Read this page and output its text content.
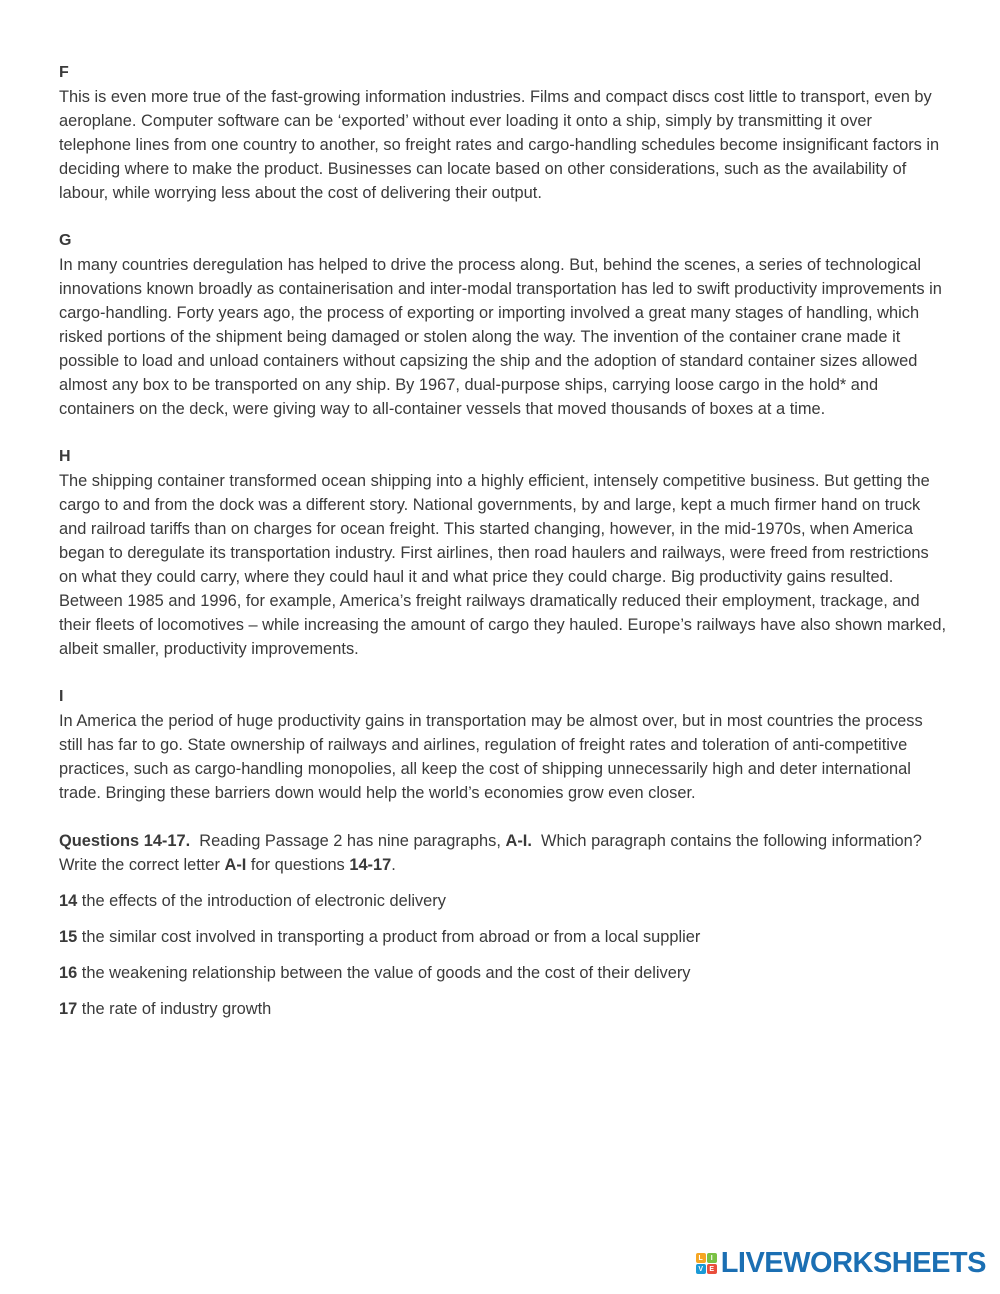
F

This is even more true of the fast-growing information industries. Films and compact discs cost little to transport, even by aeroplane. Computer software can be ‘exported’ without ever loading it onto a ship, simply by transmitting it over telephone lines from one country to another, so freight rates and cargo-handling schedules become insignificant factors in deciding where to make the product. Businesses can locate based on other considerations, such as the availability of labour, while worrying less about the cost of delivering their output.

G

In many countries deregulation has helped to drive the process along. But, behind the scenes, a series of technological innovations known broadly as containerisation and inter-modal transportation has led to swift productivity improvements in cargo-handling. Forty years ago, the process of exporting or importing involved a great many stages of handling, which risked portions of the shipment being damaged or stolen along the way. The invention of the container crane made it possible to load and unload containers without capsizing the ship and the adoption of standard container sizes allowed almost any box to be transported on any ship. By 1967, dual-purpose ships, carrying loose cargo in the hold* and containers on the deck, were giving way to all-container vessels that moved thousands of boxes at a time.

H

The shipping container transformed ocean shipping into a highly efficient, intensely competitive business. But getting the cargo to and from the dock was a different story. National governments, by and large, kept a much firmer hand on truck and railroad tariffs than on charges for ocean freight. This started changing, however, in the mid-1970s, when America began to deregulate its transportation industry. First airlines, then road haulers and railways, were freed from restrictions on what they could carry, where they could haul it and what price they could charge. Big productivity gains resulted. Between 1985 and 1996, for example, America’s freight railways dramatically reduced their employment, trackage, and their fleets of locomotives – while increasing the amount of cargo they hauled. Europe’s railways have also shown marked, albeit smaller, productivity improvements.

I

In America the period of huge productivity gains in transportation may be almost over, but in most countries the process still has far to go. State ownership of railways and airlines, regulation of freight rates and toleration of anti-competitive practices, such as cargo-handling monopolies, all keep the cost of shipping unnecessarily high and deter international trade. Bringing these barriers down would help the world’s economies grow even closer.

Questions 14-17. Reading Passage 2 has nine paragraphs, A-I. Which paragraph contains the following information? Write the correct letter A-I for questions 14-17.

14 the effects of the introduction of electronic delivery

15 the similar cost involved in transporting a product from abroad or from a local supplier

16 the weakening relationship between the value of goods and the cost of their delivery

17 the rate of industry growth

L	I
V E LIVEWORKSHEETS
